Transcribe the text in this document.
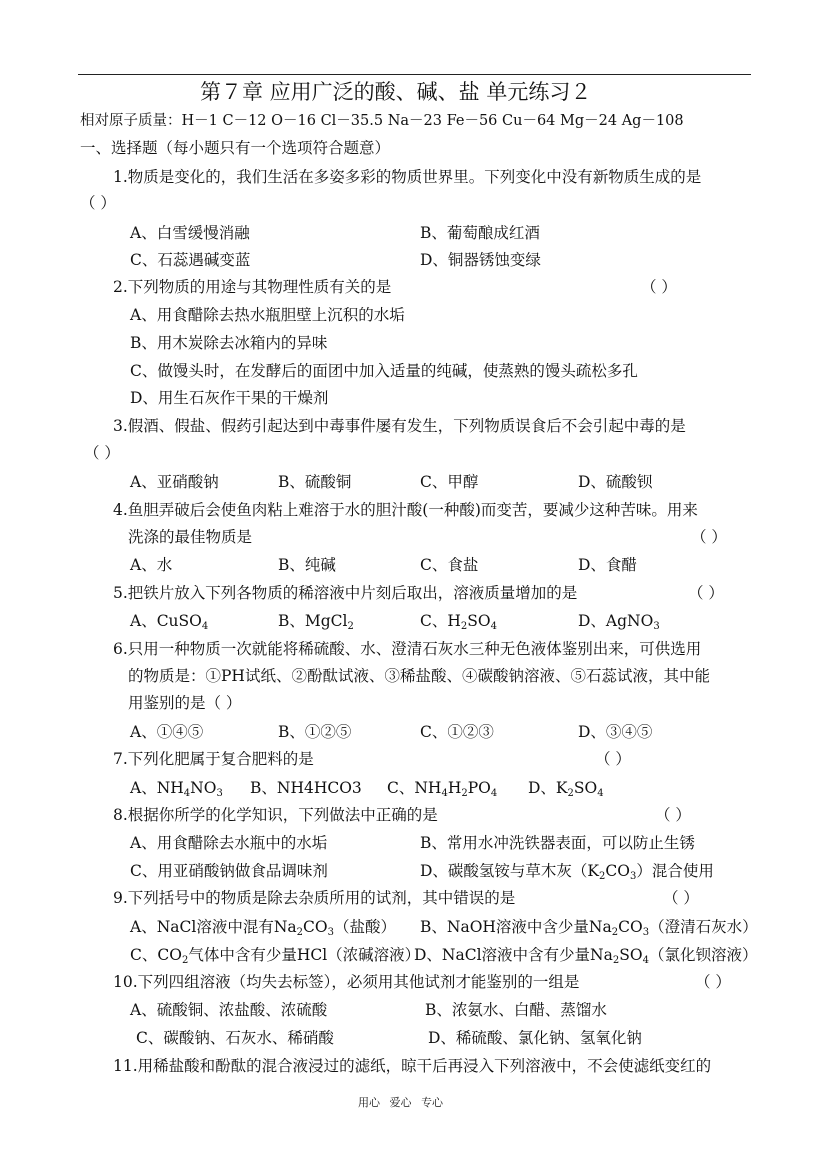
第７章 应用广泛的酸、碱、盐 单元练习２
相对原子质量：H－1 C－12 O－16 Cl－35.5 Na－23 Fe－56 Cu－64 Mg－24 Ag－108
一、选择题（每小题只有一个选项符合题意）
1.物质是变化的，我们生活在多姿多彩的物质世界里。下列变化中没有新物质生成的是
（ ）
A、白雪缓慢消融	B、葡萄酿成红酒
C、石蕊遇碱变蓝	D、铜器锈蚀变绿
2.下列物质的用途与其物理性质有关的是	（ ）
A、用食醋除去热水瓶胆壁上沉积的水垢
B、用木炭除去冰箱内的异味
C、做馒头时，在发酵后的面团中加入适量的纯碱，使蒸熟的馒头疏松多孔
D、用生石灰作干果的干燥剂
3.假酒、假盐、假药引起达到中毒事件屡有发生，下列物质误食后不会引起中毒的是
（ ）
A、亚硝酸钠	B、硫酸铜	C、甲醇	D、硫酸钡
4.鱼胆弄破后会使鱼肉粘上难溶于水的胆汁酸(一种酸)而变苦，要减少这种苦味。用来
洗涤的最佳物质是	（ ）
A、水	B、纯碱	C、食盐	D、食醋
5.把铁片放入下列各物质的稀溶液中片刻后取出，溶液质量增加的是	（ ）
A、CuSO$_4$	B、MgCl$_2$	C、$H_2SO_4$	D、AgNO$_3$
6.只用一种物质一次就能将稀硫酸、水、澄清石灰水三种无色液体鉴别出来，可供选用
的物质是：①PH试纸、②酚酞试液、③稀盐酸、④碳酸钠溶液、⑤石蕊试液，其中能
用鉴别的是（ ）
A、①④⑤	B、①②⑤	C、①②③	D、③④⑤
7.下列化肥属于复合肥料的是	（ ）
A、$NH_4NO_3$ B、NH4HCO3 C、$NH_4H_2PO_4$ D、$K_2SO_4$
8.根据你所学的化学知识，下列做法中正确的是	（ ）
A、用食醋除去水瓶中的水垢	B、常用水冲洗铁器表面，可以防止生锈
C、用亚硝酸钠做食品调味剂	D、碳酸氢铵与草木灰$(K_2CO_3)$混合使用
9.下列括号中的物质是除去杂质所用的试剂，其中错误的是	（ ）
A、NaCl溶液中混有$Na_2CO_3$（盐酸） B、NaOH溶液中含少量$Na_2CO_3$（澄清石灰水）
C、$CO_2$气体中含有少量HCl（浓碱溶液）
D、NaCl溶液中含有少量$Na_2SO_4$（氯化钡溶液）
10.下列四组溶液（均失去标签），必须用其他试剂才能鉴别的一组是	（ ）
A、硫酸铜、浓盐酸、浓硫酸	B、浓氨水、白醋、蒸馏水
C、碳酸钠、石灰水、稀硝酸	D、稀硫酸、氯化钠、氢氧化钠
11.用稀盐酸和酚酞的混合液浸过的滤纸，晾干后再浸入下列溶液中，不会使滤纸变红的
用心 爱心 专心
